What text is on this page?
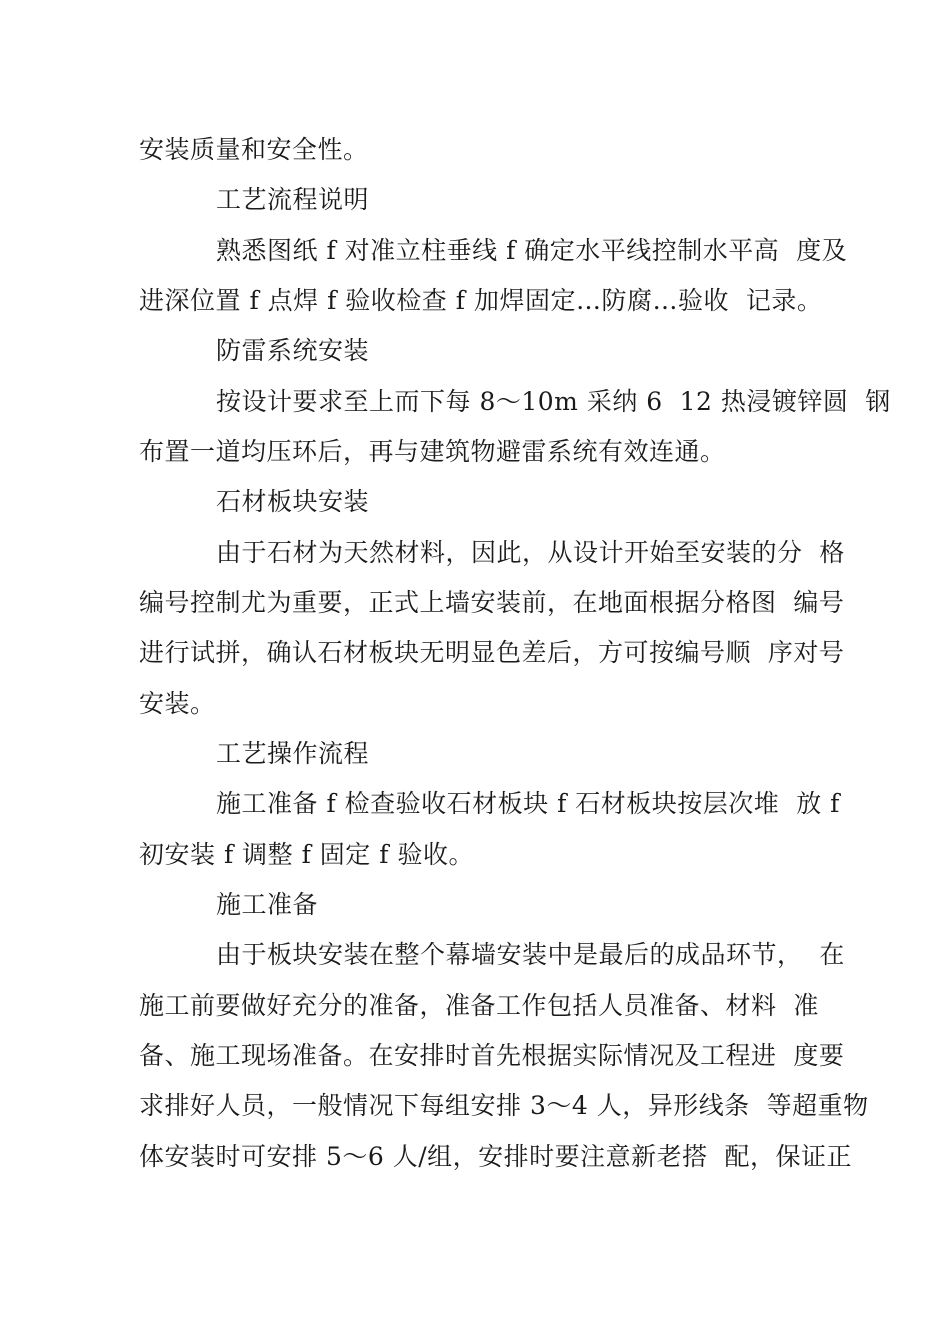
安装质量和安全性。
工艺流程说明
熟悉图纸 f 对准立柱垂线 f 确定水平线控制水平高  度及
进深位置 f 点焊 f 验收检查 f 加焊固定…防腐…验收  记录。
防雷系统安装
按设计要求至上而下每 8〜10m 采纳 6  12 热浸镀锌圆  钢
布置一道均压环后，再与建筑物避雷系统有效连通。
石材板块安装
由于石材为天然材料，因此，从设计开始至安装的分  格
编号控制尤为重要，正式上墙安装前，在地面根据分格图  编号
进行试拼，确认石材板块无明显色差后，方可按编号顺  序对号
安装。
工艺操作流程
施工准备 f 检查验收石材板块 f 石材板块按层次堆  放 f
初安装 f 调整 f 固定 f 验收。
施工准备
由于板块安装在整个幕墙安装中是最后的成品环节，  在
施工前要做好充分的准备，准备工作包括人员准备、材料  准
备、施工现场准备。在安排时首先根据实际情况及工程进  度要
求排好人员，一般情况下每组安排 3〜4 人，异形线条  等超重物
体安装时可安排 5〜6 人/组，安排时要注意新老搭  配，保证正
